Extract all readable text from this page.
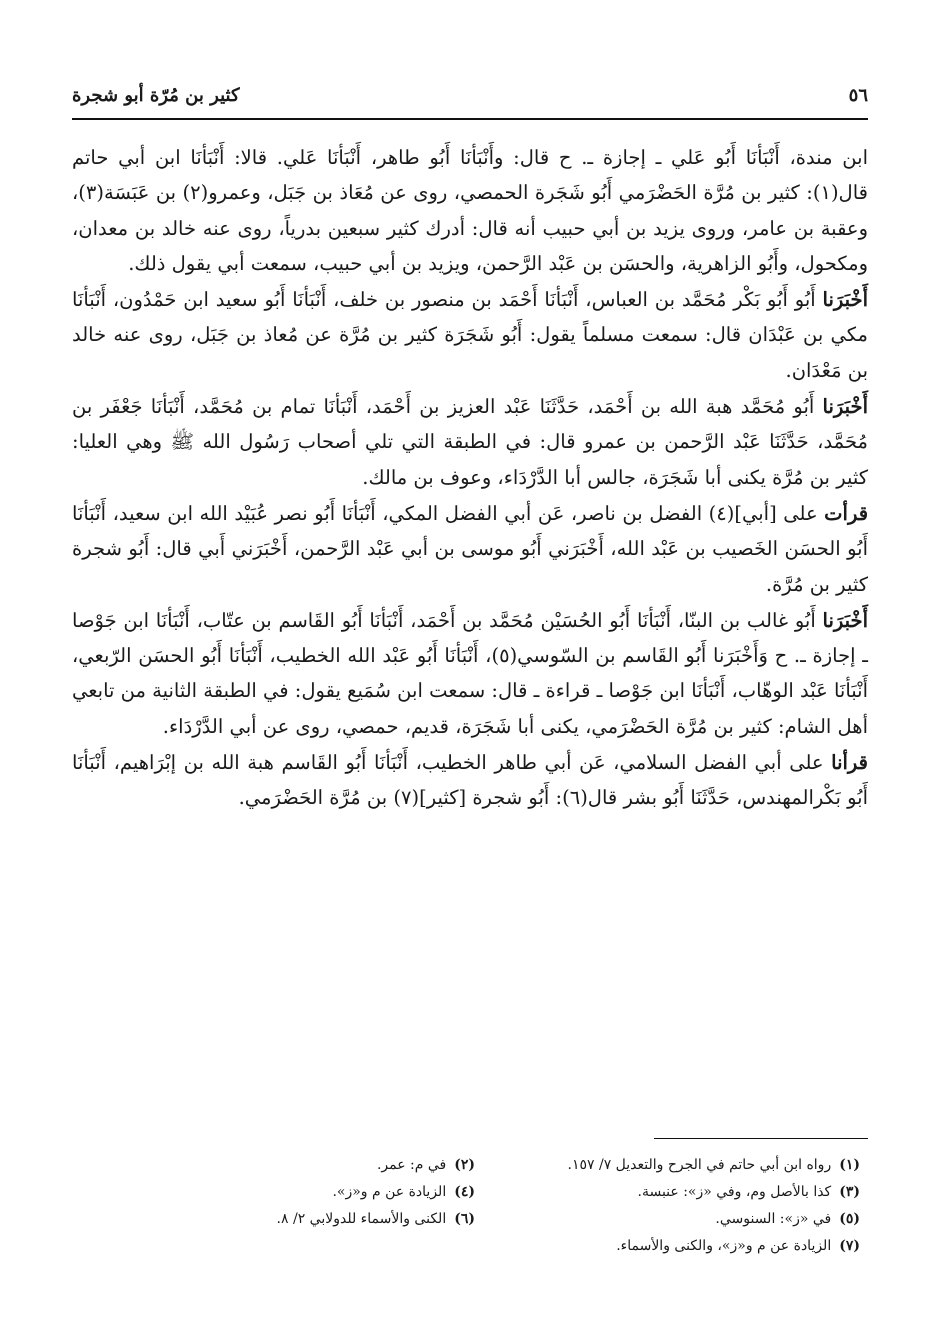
كثير بن مُرّة أبو شجرة	٥٦

ابن مندة، أَنْبَأنَا أَبُو عَلي ـ إجازة ـ. ح قال: وأَنْبَأنَا أَبُو طاهر، أَنْبَأنَا عَلي. قالا: أَنْبَأنَا ابن أبي حاتم قال(١): كثير بن مُرَّة الحَضْرَمي أَبُو شَجَرة الحمصي، روى عن مُعَاذ بن جَبَل، وعمرو(٢) بن عَبَسَة(٣)، وعقبة بن عامر، وروى يزيد بن أبي حبيب أنه قال: أدرك كثير سبعين بدرياً، روى عنه خالد بن معدان، ومكحول، وأَبُو الزاهرية، والحسَن بن عَبْد الرَّحمن، ويزيد بن أبي حبيب، سمعت أبي يقول ذلك.

أَخْبَرَنا أَبُو أَبُو بَكْر مُحَمَّد بن العباس، أَنْبَأنَا أَحْمَد بن منصور بن خلف، أَنْبَأنَا أَبُو سعيد ابن حَمْدُون، أَنْبَأنَا مكي بن عَبْدَان قال: سمعت مسلماً يقول: أَبُو شَجَرَة كثير بن مُرَّة عن مُعاذ بن جَبَل، روى عنه خالد بن مَعْدَان.

أَخْبَرَنا أَبُو مُحَمَّد هبة الله بن أَحْمَد، حَدَّثَنَا عَبْد العزيز بن أَحْمَد، أَنْبَأنَا تمام بن مُحَمَّد، أَنْبَأنَا جَعْفَر بن مُحَمَّد، حَدَّثَنَا عَبْد الرَّحمن بن عمرو قال: في الطبقة التي تلي أصحاب رَسُول الله ﷺ وهي العليا: كثير بن مُرَّة يكنى أبا شَجَرَة، جالس أبا الدَّرْدَاء، وعوف بن مالك.

قرأت على [أبي](٤) الفضل بن ناصر، عَن أبي الفضل المكي، أَنْبَأنَا أَبُو نصر عُبَيْد الله ابن سعيد، أَنْبَأنَا أَبُو الحسَن الخَصيب بن عَبْد الله، أَخْبَرَني أَبُو موسى بن أبي عَبْد الرَّحمن، أَخْبَرَني أَبي قال: أَبُو شجرة كثير بن مُرَّة.

أَخْبَرَنا أَبُو غالب بن البنّا، أَنْبَأنَا أَبُو الحُسَيْن مُحَمَّد بن أَحْمَد، أَنْبَأنَا أَبُو القَاسم بن عتّاب، أَنْبَأنَا ابن جَوْصا ـ إجازة ـ. ح وَأَخْبَرَنا أَبُو القَاسم بن السّوسي(٥)، أَنْبَأنَا أَبُو عَبْد الله الخطيب، أَنْبَأنَا أَبُو الحسَن الرّبعي، أَنْبَأنَا عَبْد الوهّاب، أَنْبَأنَا ابن جَوْصا ـ قراءة ـ قال: سمعت ابن سُمَيع يقول: في الطبقة الثانية من تابعي أهل الشام: كثير بن مُرَّة الحَضْرَمي، يكنى أبا شَجَرَة، قديم، حمصي، روى عن أبي الدَّرْدَاء.

قرأنا على أبي الفضل السلامي، عَن أبي طاهر الخطيب، أَنْبَأنَا أَبُو القَاسم هبة الله بن إبْرَاهيم، أَنْبَأنَا أَبُو بَكْرالمهندس، حَدَّثَنَا أَبُو بشر قال(٦): أَبُو شجرة [كثير](٧) بن مُرَّة الحَضْرَمي.

(١)رواه ابن أبي حاتم في الجرح والتعديل ٧/ ١٥٧.
(٢)في م: عمر.
(٣)كذا بالأصل وم، وفي «ز»: عنبسة.
(٤)الزيادة عن م و«ز».
(٥)في «ز»: السنوسي.
(٦)الكنى والأسماء للدولابي ٢/ ٨.
(٧)الزيادة عن م و«ز»، والكنى والأسماء.
